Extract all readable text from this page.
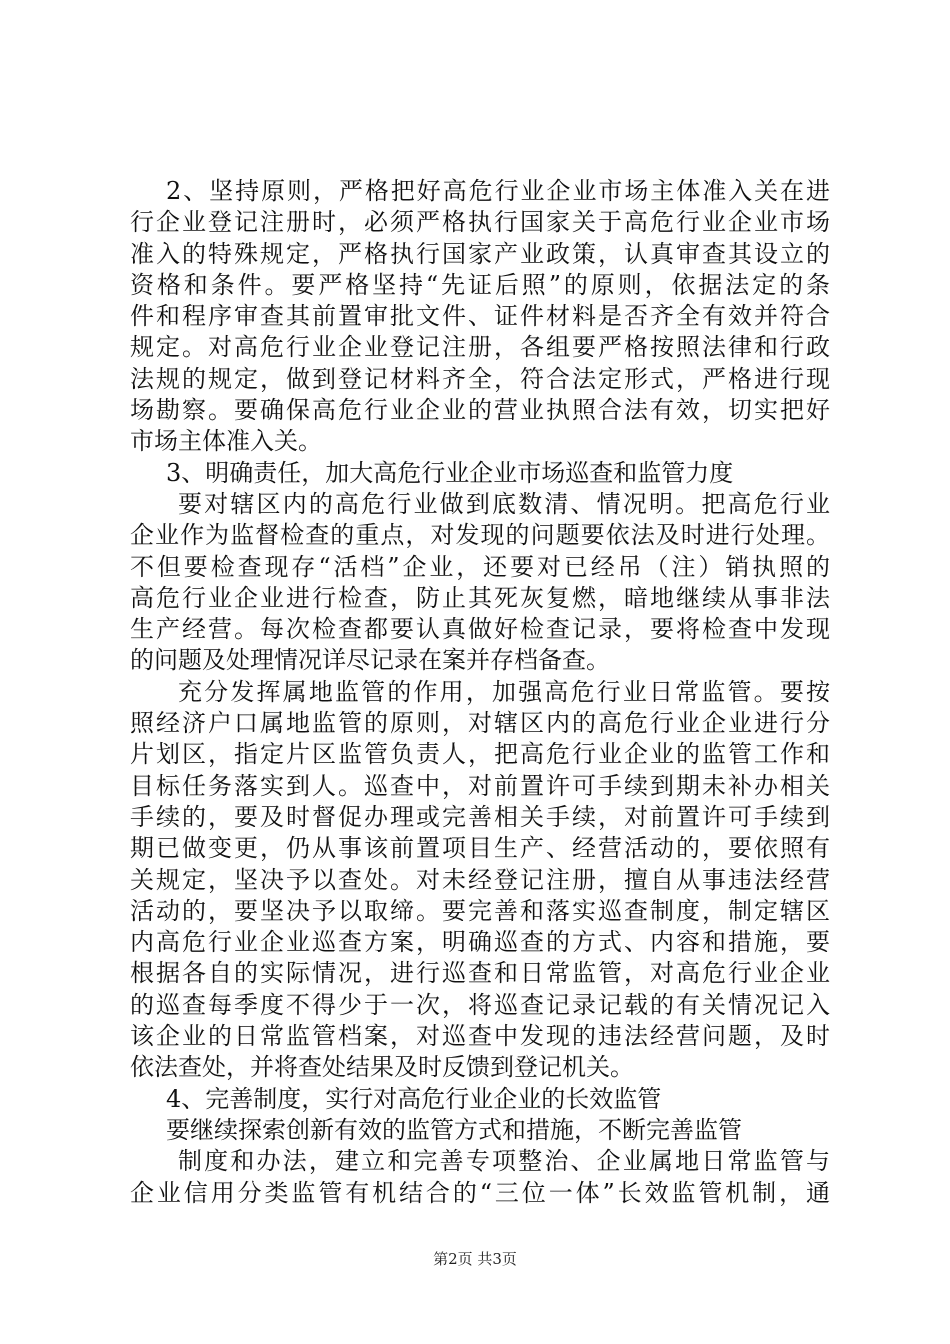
2、坚持原则，严格把好高危行业企业市场主体准入关在进
行企业登记注册时，必须严格执行国家关于高危行业企业市场
准入的特殊规定，严格执行国家产业政策，认真审查其设立的
资格和条件。要严格坚持“先证后照”的原则，依据法定的条
件和程序审查其前置审批文件、证件材料是否齐全有效并符合
规定。对高危行业企业登记注册，各组要严格按照法律和行政
法规的规定，做到登记材料齐全，符合法定形式，严格进行现
场勘察。要确保高危行业企业的营业执照合法有效，切实把好
市场主体准入关。
3、明确责任，加大高危行业企业市场巡查和监管力度
要对辖区内的高危行业做到底数清、情况明。把高危行业
企业作为监督检查的重点，对发现的问题要依法及时进行处理。
不但要检查现存“活档”企业，还要对已经吊（注）销执照的
高危行业企业进行检查，防止其死灰复燃，暗地继续从事非法
生产经营。每次检查都要认真做好检查记录，要将检查中发现
的问题及处理情况详尽记录在案并存档备查。
充分发挥属地监管的作用，加强高危行业日常监管。要按
照经济户口属地监管的原则，对辖区内的高危行业企业进行分
片划区，指定片区监管负责人，把高危行业企业的监管工作和
目标任务落实到人。巡查中，对前置许可手续到期未补办相关
手续的，要及时督促办理或完善相关手续，对前置许可手续到
期已做变更，仍从事该前置项目生产、经营活动的，要依照有
关规定，坚决予以查处。对未经登记注册，擅自从事违法经营
活动的，要坚决予以取缔。要完善和落实巡查制度，制定辖区
内高危行业企业巡查方案，明确巡查的方式、内容和措施，要
根据各自的实际情况，进行巡查和日常监管，对高危行业企业
的巡查每季度不得少于一次，将巡查记录记载的有关情况记入
该企业的日常监管档案，对巡查中发现的违法经营问题，及时
依法查处，并将查处结果及时反馈到登记机关。
4、完善制度，实行对高危行业企业的长效监管
要继续探索创新有效的监管方式和措施，不断完善监管
制度和办法，建立和完善专项整治、企业属地日常监管与
企业信用分类监管有机结合的“三位一体”长效监管机制，通
第2页 共3页
